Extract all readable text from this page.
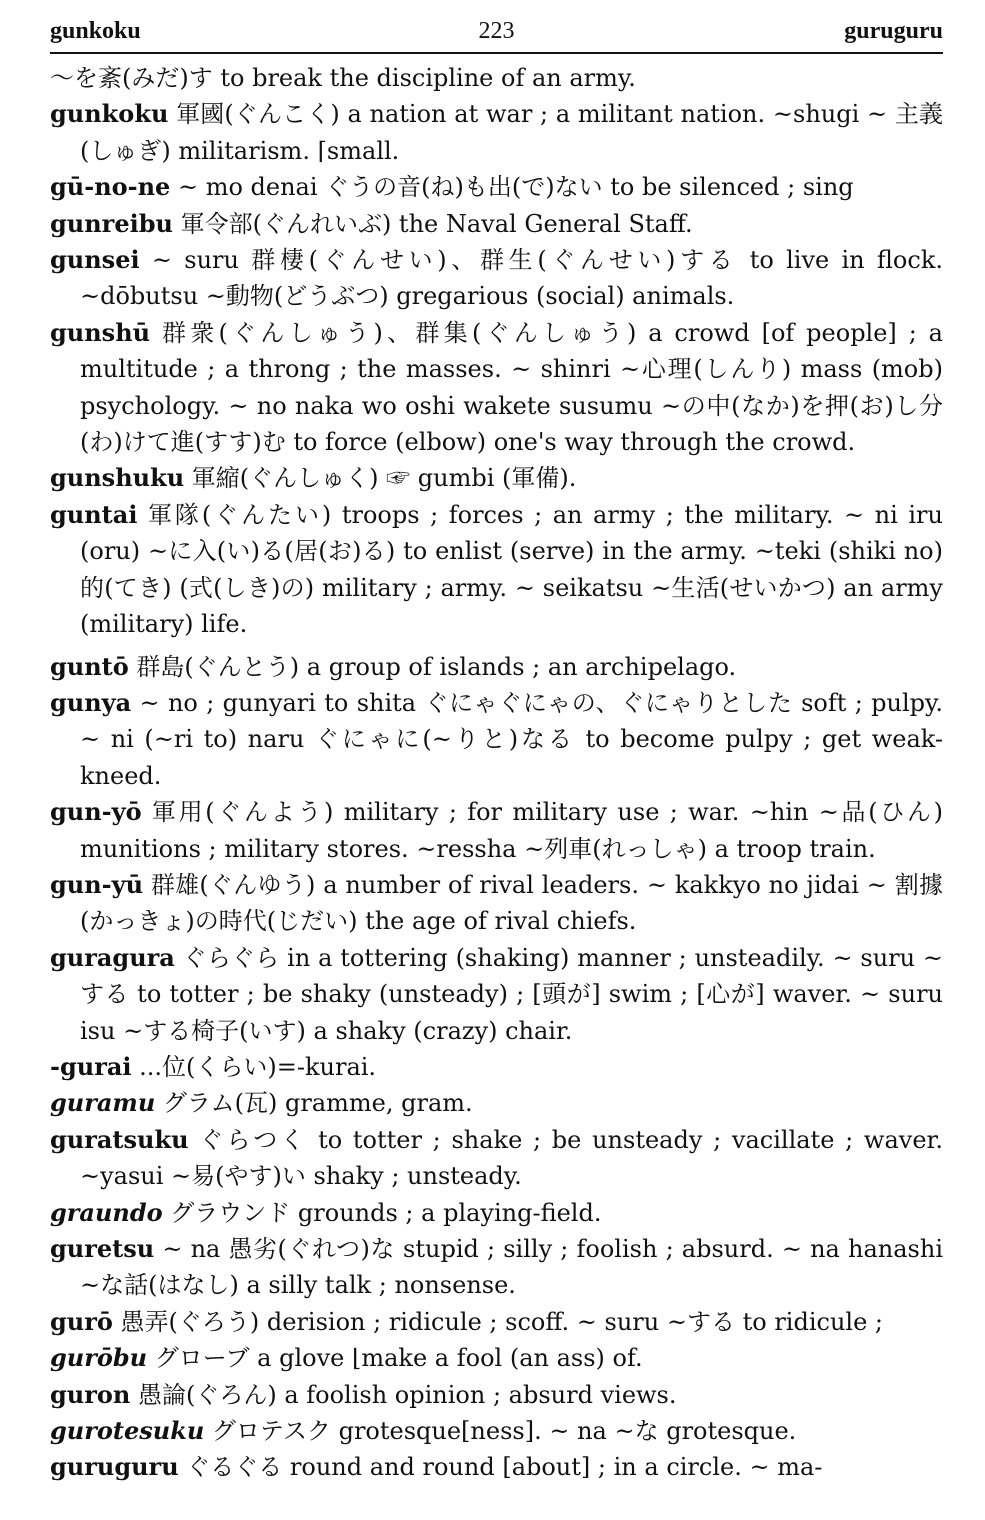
gunkoku	223	guruguru

〜を紊(みだ)す to break the discipline of an army.

gunkoku 軍國(ぐんこく) a nation at war ; a militant nation. ~shugi ~ 主義(しゅぎ) militarism. ⌈small.

gū-no-ne ~ mo denai ぐうの音(ね)も出(で)ない to be silenced ; sing

gunreibu 軍令部(ぐんれいぶ) the Naval General Staff.

gunsei ~ suru 群棲(ぐんせい)、群生(ぐんせい)する to live in flock. ~dōbutsu ~動物(どうぶつ) gregarious (social) animals.

gunshū 群衆(ぐんしゅう)、群集(ぐんしゅう) a crowd [of people] ; a multitude ; a throng ; the masses. ~ shinri ~心理(しんり) mass (mob) psychology. ~ no naka wo oshi wakete susumu ~の中(なか)を押(お)し分(わ)けて進(すす)む to force (elbow) one's way through the crowd.

gunshuku 軍縮(ぐんしゅく) ☞ gumbi (軍備).

guntai 軍隊(ぐんたい) troops ; forces ; an army ; the military. ~ ni iru (oru) ~に入(い)る(居(お)る) to enlist (serve) in the army. ~teki (shiki no) 的(てき) (式(しき)の) military ; army. ~ seikatsu ~生活(せいかつ) an army (military) life.

guntō 群島(ぐんとう) a group of islands ; an archipelago.

gunya ~ no ; gunyari to shita ぐにゃぐにゃの、ぐにゃりとした soft ; pulpy. ~ ni (~ri to) naru ぐにゃに(~りと)なる to become pulpy ; get weak-kneed.

gun-yō 軍用(ぐんよう) military ; for military use ; war. ~hin ~品(ひん) munitions ; military stores. ~ressha ~列車(れっしゃ) a troop train.

gun-yū 群雄(ぐんゆう) a number of rival leaders. ~ kakkyo no jidai ~ 割據(かっきょ)の時代(じだい) the age of rival chiefs.

guragura ぐらぐら in a tottering (shaking) manner ; unsteadily. ~ suru ~する to totter ; be shaky (unsteady) ; [頭が] swim ; [心が] waver. ~ suru isu ~する椅子(いす) a shaky (crazy) chair.

-gurai ...位(くらい)=-kurai.

guramu グラム(瓦) gramme, gram.

guratsuku ぐらつく to totter ; shake ; be unsteady ; vacillate ; waver. ~yasui ~易(やす)い shaky ; unsteady.

graundo グラウンド grounds ; a playing-field.

guretsu ~ na 愚劣(ぐれつ)な stupid ; silly ; foolish ; absurd. ~ na hanashi ~な話(はなし) a silly talk ; nonsense.

gurō 愚弄(ぐろう) derision ; ridicule ; scoff. ~ suru ~する to ridicule ;

gurōbu グローブ a glove ⌊make a fool (an ass) of.

guron 愚論(ぐろん) a foolish opinion ; absurd views.

gurotesuku グロテスク grotesque[ness]. ~ na ~な grotesque.

guruguru ぐるぐる round and round [about] ; in a circle. ~ ma-
